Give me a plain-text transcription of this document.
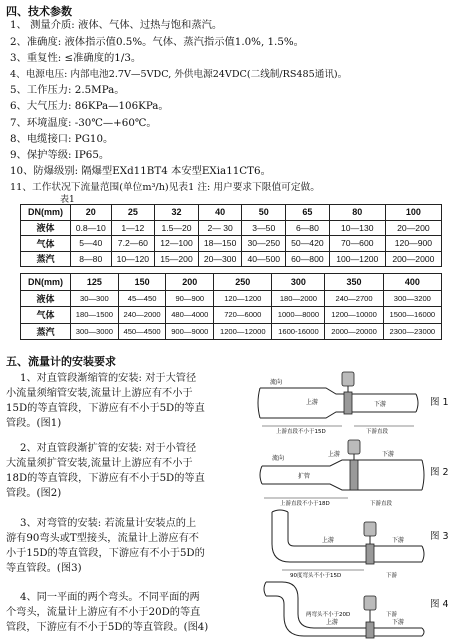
四、技术参数
1、 测量介质: 液体、气体、过热与饱和蒸汽。
2、准确度: 液体指示值0.5%。气体、蒸汽指示值1.0%, 1.5%。
3、重复性: ≤准确度的1/3。
4、电源电压: 内部电池2.7V—5VDC, 外供电源24VDC(二线制/RS485通讯)。
5、工作压力: 2.5MPa。
6、大气压力: 86KPa—106KPa。
7、环境温度: -30℃—+60℃。
8、电缆接口: PG10。
9、保护等级: IP65。
10、防爆级别: 隔爆型EXd11BT4 本安型EXia11CT6。
11、工作状况下流量范围(单位m³/h)见表1 注: 用户要求下限值可定做。
表1
DN(mm)	20	25	32	40	50	65	80	100
液体	0.8—10	1—12	1.5—20	2— 30	3—50	6—80	10—130	20—200
气体	5—40	7.2—60	12—100	18—150	30—250	50—420	70—600	120—900
蒸汽	8—80	10—120	15—200	20—300	40—500	60—800	100—1200	200—2000
DN(mm)	125	150	200	250	300	350	400
液体	30—300	45—450	90—900	120—1200	180—2000	240—2700	300—3200
气体	180—1500	240—2000	480—4000	720—6000	1000—8000	1200—10000	1500—16000
蒸汽	300—3000	450—4500	900—9000	1200—12000	1600-16000	2000—20000	2300—23000
五、流量计的安装要求
1、对直管段渐缩管的安装: 对于大管径
小流量须缩管安装,流量计上游应有不小于
15D的等直管段，下游应有不小于5D的等直
管段。(图1)
2、对直管段渐扩管的安装: 对于小管径
大流量须扩管安装,流量计上游应有不小于
18D的等直管段，下游应有不小于5D的等直
管段。(图2)
3、对弯管的安装: 若流量计安装点的上
游有90弯头或T型接头，流量计上游应有不
小于15D的等直管段，下游应有不小于5D的
等直管段。(图3)
4、同一平面的两个弯头。不同平面的两
个弯头，流量计上游应有不小于20D的等直
管段，下游应有不小于5D的等直管段。(图4)
流向
上游	下游
上游直段不小于15D	下游直段
图 1
流向
扩管
上游	下游
上游直段不小于18D	下游直段
图 2
上游	下游
90度弯头不小于15D	下游
图 3
上游	下游
两弯头不小于20D	下游
图 4
